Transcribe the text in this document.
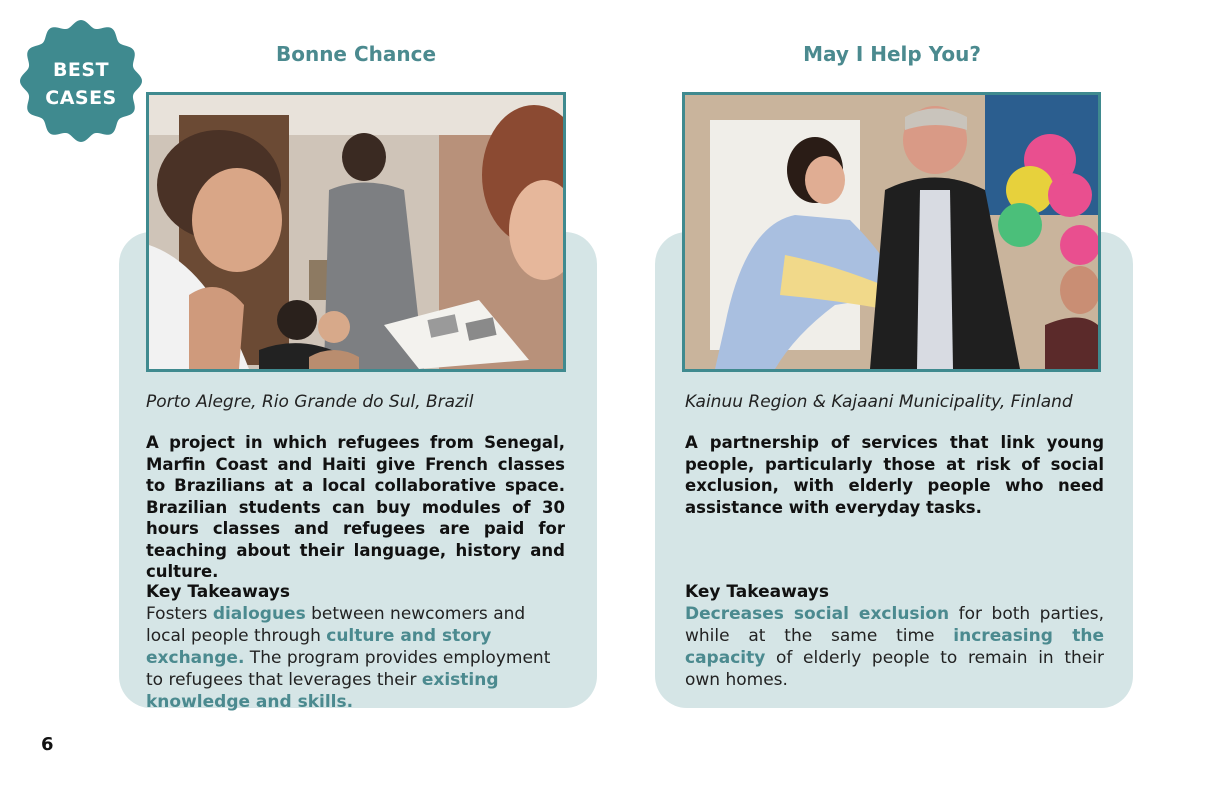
BEST
CASES
Bonne Chance
Porto Alegre, Rio Grande do Sul, Brazil

A project in which refugees from Senegal, Marfin Coast and Haiti give French classes to Brazilians at a local collaborative space. Brazilian students can buy modules of 30 hours classes and refugees are paid for teaching about their language, history and culture.

Key Takeaways

Fosters dialogues between newcomers and local people through culture and story exchange. The program provides employment to refugees that leverages their existing knowledge and skills.

May I Help You?
Kainuu Region & Kajaani Municipality, Finland

A partnership of services that link young people, particularly those at risk of social exclusion, with elderly people who need assistance with everyday tasks.

Key Takeaways

Decreases social exclusion for both parties, while at the same time increasing the capacity of elderly people to remain in their own homes.

6
